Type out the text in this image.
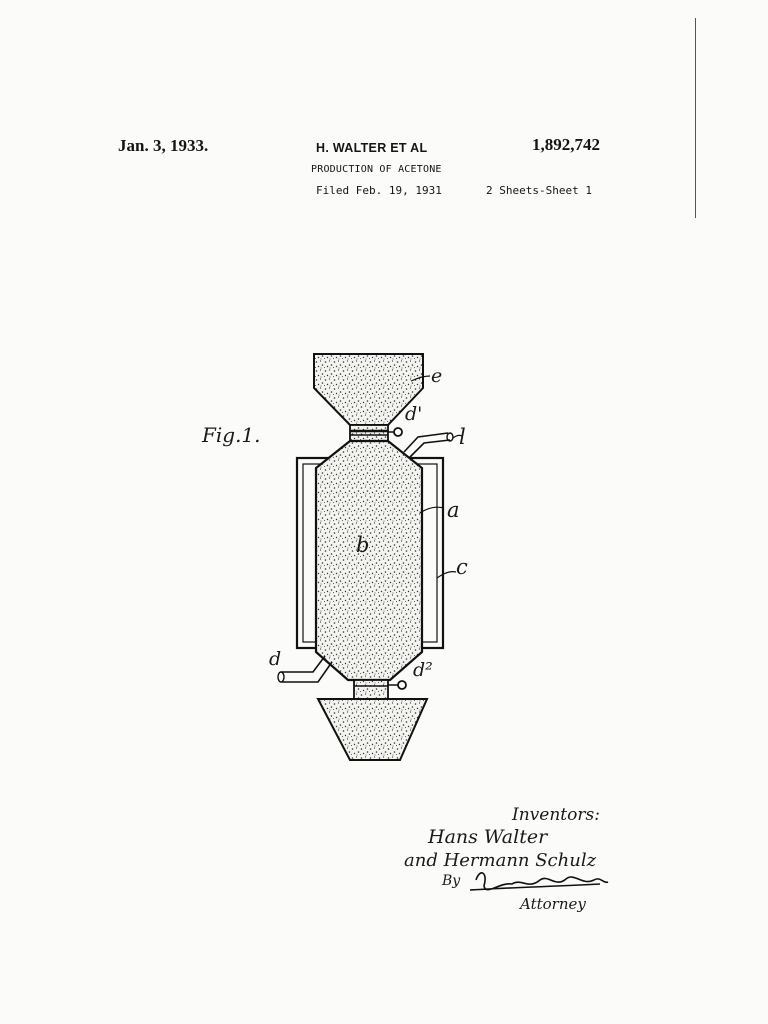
Jan. 3, 1933.	H. WALTER ET AL	1,892,742
PRODUCTION OF ACETONE
Filed Feb. 19, 1931	2 Sheets-Sheet 1
Fig.1.
e
d'
l
a
b
c
d	d²
Inventors:
Hans Walter
and Hermann Schulz
By
Attorney
